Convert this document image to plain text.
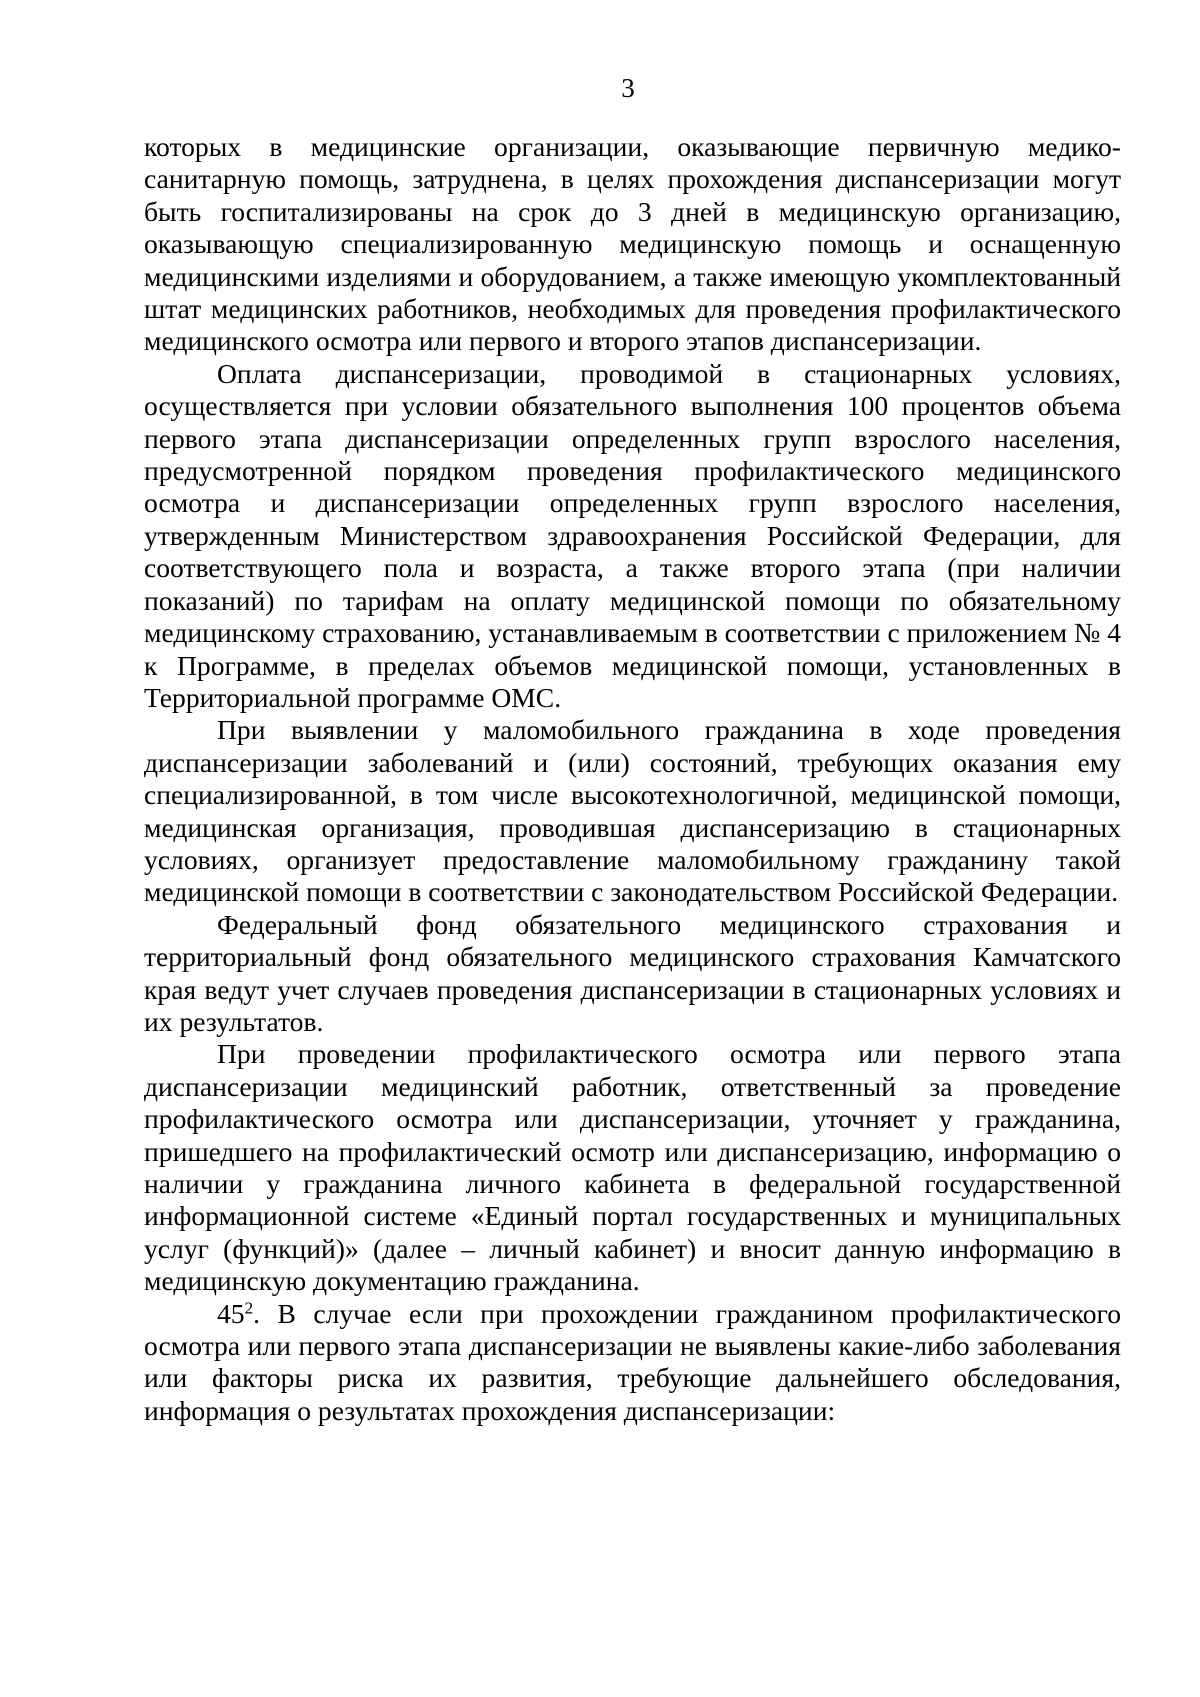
3

которых в медицинские организации, оказывающие первичную медико-санитарную помощь, затруднена, в целях прохождения диспансеризации могут быть госпитализированы на срок до 3 дней в медицинскую организацию, оказывающую специализированную медицинскую помощь и оснащенную медицинскими изделиями и оборудованием, а также имеющую укомплектованный штат медицинских работников, необходимых для проведения профилактического медицинского осмотра или первого и второго этапов диспансеризации.

Оплата диспансеризации, проводимой в стационарных условиях, осуществляется при условии обязательного выполнения 100 процентов объема первого этапа диспансеризации определенных групп взрослого населения, предусмотренной порядком проведения профилактического медицинского осмотра и диспансеризации определенных групп взрослого населения, утвержденным Министерством здравоохранения Российской Федерации, для соответствующего пола и возраста, а также второго этапа (при наличии показаний) по тарифам на оплату медицинской помощи по обязательному медицинскому страхованию, устанавливаемым в соответствии с приложением № 4 к Программе, в пределах объемов медицинской помощи, установленных в Территориальной программе ОМС.

При выявлении у маломобильного гражданина в ходе проведения диспансеризации заболеваний и (или) состояний, требующих оказания ему специализированной, в том числе высокотехнологичной, медицинской помощи, медицинская организация, проводившая диспансеризацию в стационарных условиях, организует предоставление маломобильному гражданину такой медицинской помощи в соответствии с законодательством Российской Федерации.

Федеральный фонд обязательного медицинского страхования и территориальный фонд обязательного медицинского страхования Камчатского края ведут учет случаев проведения диспансеризации в стационарных условиях и их результатов.

При проведении профилактического осмотра или первого этапа диспансеризации медицинский работник, ответственный за проведение профилактического осмотра или диспансеризации, уточняет у гражданина, пришедшего на профилактический осмотр или диспансеризацию, информацию о наличии у гражданина личного кабинета в федеральной государственной информационной системе «Единый портал государственных и муниципальных услуг (функций)» (далее – личный кабинет) и вносит данную информацию в медицинскую документацию гражданина.

$45^2$. В случае если при прохождении гражданином профилактического осмотра или первого этапа диспансеризации не выявлены какие-либо заболевания или факторы риска их развития, требующие дальнейшего обследования, информация о результатах прохождения диспансеризации:
